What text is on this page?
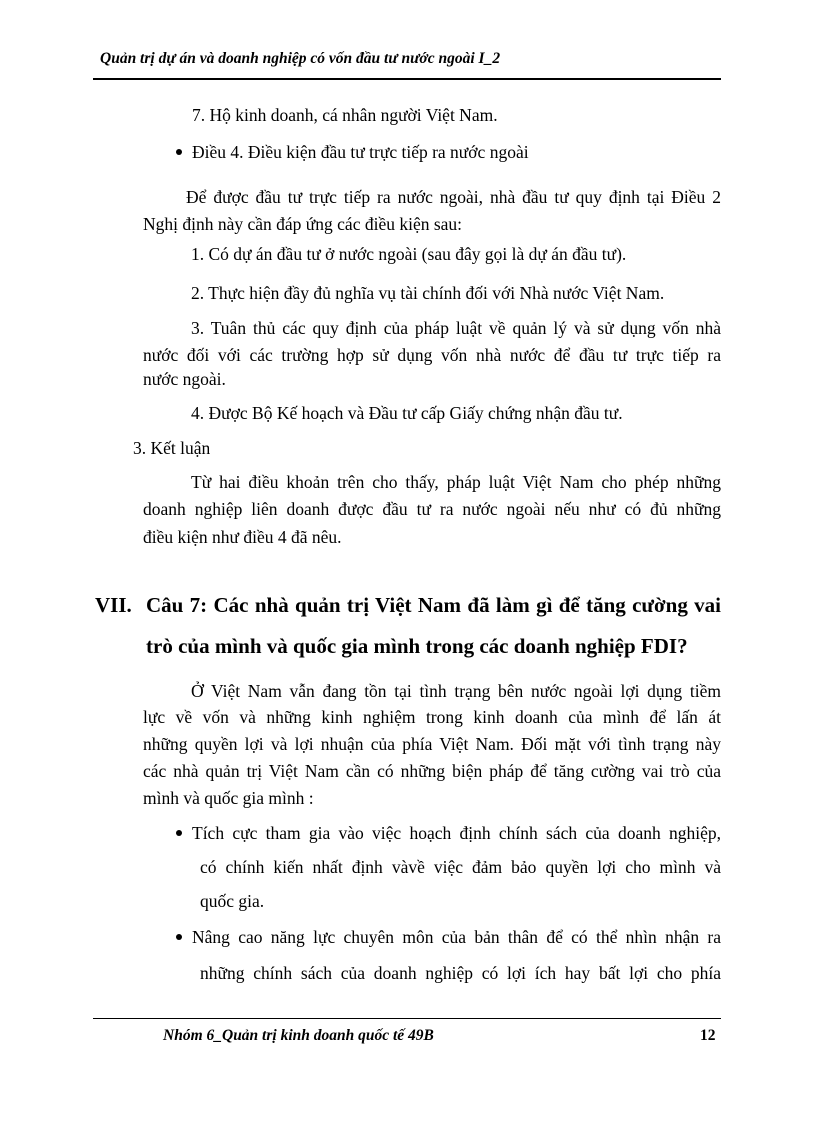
Quản trị dự án và doanh nghiệp có vốn đầu tư nước ngoài I_2
7. Hộ kinh doanh, cá nhân người Việt Nam.
Điều 4. Điều kiện đầu tư trực tiếp ra nước ngoài
Để được đầu tư trực tiếp ra nước ngoài, nhà đầu tư quy định tại Điều 2
Nghị định này cần đáp ứng các điều kiện sau:
1. Có dự án đầu tư ở nước ngoài (sau đây gọi là dự án đầu tư).
2. Thực hiện đầy đủ nghĩa vụ tài chính đối với Nhà nước Việt Nam.
3. Tuân thủ các quy định của pháp luật về quản lý và sử dụng vốn nhà
nước đối với các trường hợp sử dụng vốn nhà nước để đầu tư trực tiếp ra
nước ngoài.
4. Được Bộ Kế hoạch và Đầu tư cấp Giấy chứng nhận đầu tư.
3. Kết luận
Từ hai điều khoản trên cho thấy, pháp luật Việt Nam cho phép những
doanh nghiệp liên doanh được đầu tư ra nước ngoài nếu như có đủ những
điều kiện như điều 4 đã nêu.
VII. Câu 7: Các nhà quản trị Việt Nam đã làm gì để tăng cường vai
trò của mình và quốc gia mình trong các doanh nghiệp FDI?
Ở Việt Nam vẫn đang tồn tại tình trạng bên nước ngoài lợi dụng tiềm
lực về vốn và những kinh nghiệm trong kinh doanh của mình để lấn át
những quyền lợi và lợi nhuận của phía Việt Nam. Đối mặt với tình trạng này
các nhà quản trị Việt Nam cần có những biện pháp để tăng cường vai trò của
mình và quốc gia mình :
Tích cực tham gia vào việc hoạch định chính sách của doanh nghiệp,
có chính kiến nhất định vàvề việc đảm bảo quyền lợi cho mình và
quốc gia.
Nâng cao năng lực chuyên môn của bản thân để có thể nhìn nhận ra
những chính sách của doanh nghiệp có lợi ích hay bất lợi cho phía
Nhóm 6_Quản trị kinh doanh quốc tế 49B	12
